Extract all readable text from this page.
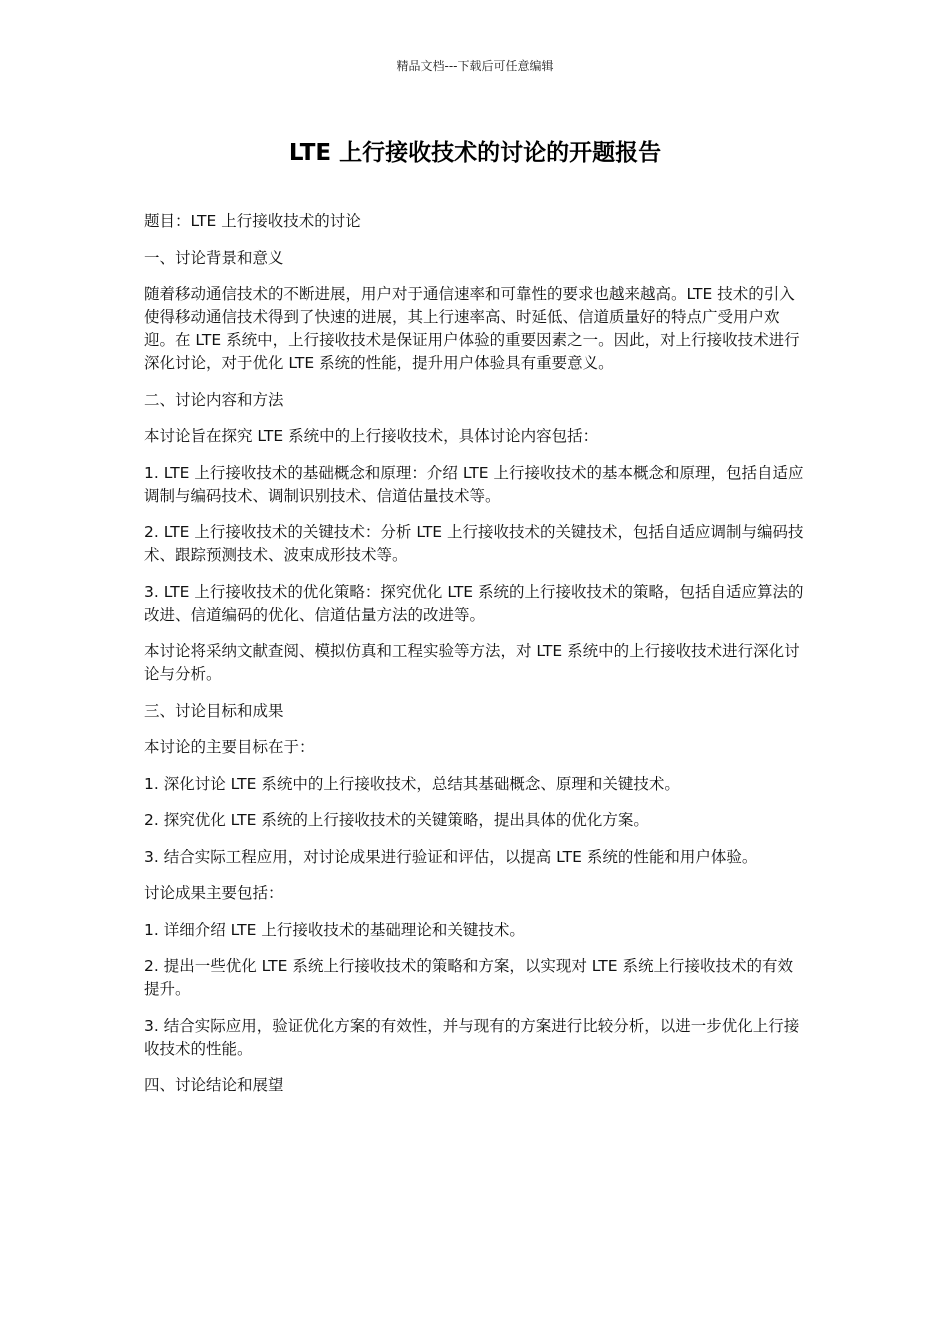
精品文档---下载后可任意编辑
LTE 上行接收技术的讨论的开题报告

题目：LTE 上行接收技术的讨论

一、讨论背景和意义

随着移动通信技术的不断进展，用户对于通信速率和可靠性的要求也越来越高。LTE 技术的引入使得移动通信技术得到了快速的进展，其上行速率高、时延低、信道质量好的特点广受用户欢迎。在 LTE 系统中，上行接收技术是保证用户体验的重要因素之一。因此，对上行接收技术进行深化讨论，对于优化 LTE 系统的性能，提升用户体验具有重要意义。

二、讨论内容和方法

本讨论旨在探究 LTE 系统中的上行接收技术，具体讨论内容包括：

1. LTE 上行接收技术的基础概念和原理：介绍 LTE 上行接收技术的基本概念和原理，包括自适应调制与编码技术、调制识别技术、信道估量技术等。

2. LTE 上行接收技术的关键技术：分析 LTE 上行接收技术的关键技术，包括自适应调制与编码技术、跟踪预测技术、波束成形技术等。

3. LTE 上行接收技术的优化策略：探究优化 LTE 系统的上行接收技术的策略，包括自适应算法的改进、信道编码的优化、信道估量方法的改进等。

本讨论将采纳文献查阅、模拟仿真和工程实验等方法，对 LTE 系统中的上行接收技术进行深化讨论与分析。

三、讨论目标和成果

本讨论的主要目标在于：

1. 深化讨论 LTE 系统中的上行接收技术，总结其基础概念、原理和关键技术。

2. 探究优化 LTE 系统的上行接收技术的关键策略，提出具体的优化方案。

3. 结合实际工程应用，对讨论成果进行验证和评估，以提高 LTE 系统的性能和用户体验。

讨论成果主要包括：

1. 详细介绍 LTE 上行接收技术的基础理论和关键技术。

2. 提出一些优化 LTE 系统上行接收技术的策略和方案，以实现对 LTE 系统上行接收技术的有效提升。

3. 结合实际应用，验证优化方案的有效性，并与现有的方案进行比较分析，以进一步优化上行接收技术的性能。

四、讨论结论和展望
